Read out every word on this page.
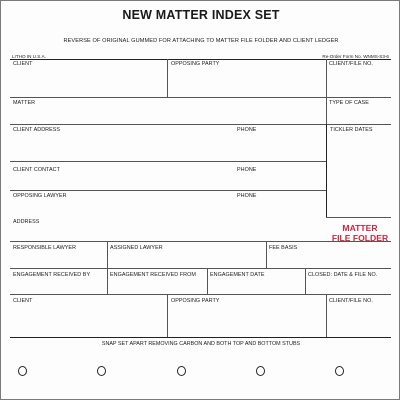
NEW MATTER INDEX SET
REVERSE OF ORIGINAL GUMMED FOR ATTACHING TO MATTER FILE FOLDER AND CLIENT LEDGER
LITHO IN U.S.A.	Re-Order Form No. WNMS-S3-6
CLIENT	OPPOSING PARTY	CLIENT/FILE NO.
MATTER	TYPE OF CASE
CLIENT ADDRESS	PHONE	TICKLER DATES
CLIENT CONTACT	PHONE
OPPOSING LAWYER	PHONE
ADDRESS
MATTER
FILE FOLDER
RESPONSIBLE LAWYER	ASSIGNED LAWYER	FEE BASIS
ENGAGEMENT RECEIVED BY	ENGAGEMENT RECEIVED FROM	ENGAGEMENT DATE	CLOSED: DATE & FILE NO.
CLIENT	OPPOSING PARTY	CLIENT/FILE NO.
SNAP SET APART REMOVING CARBON AND BOTH TOP AND BOTTOM STUBS
